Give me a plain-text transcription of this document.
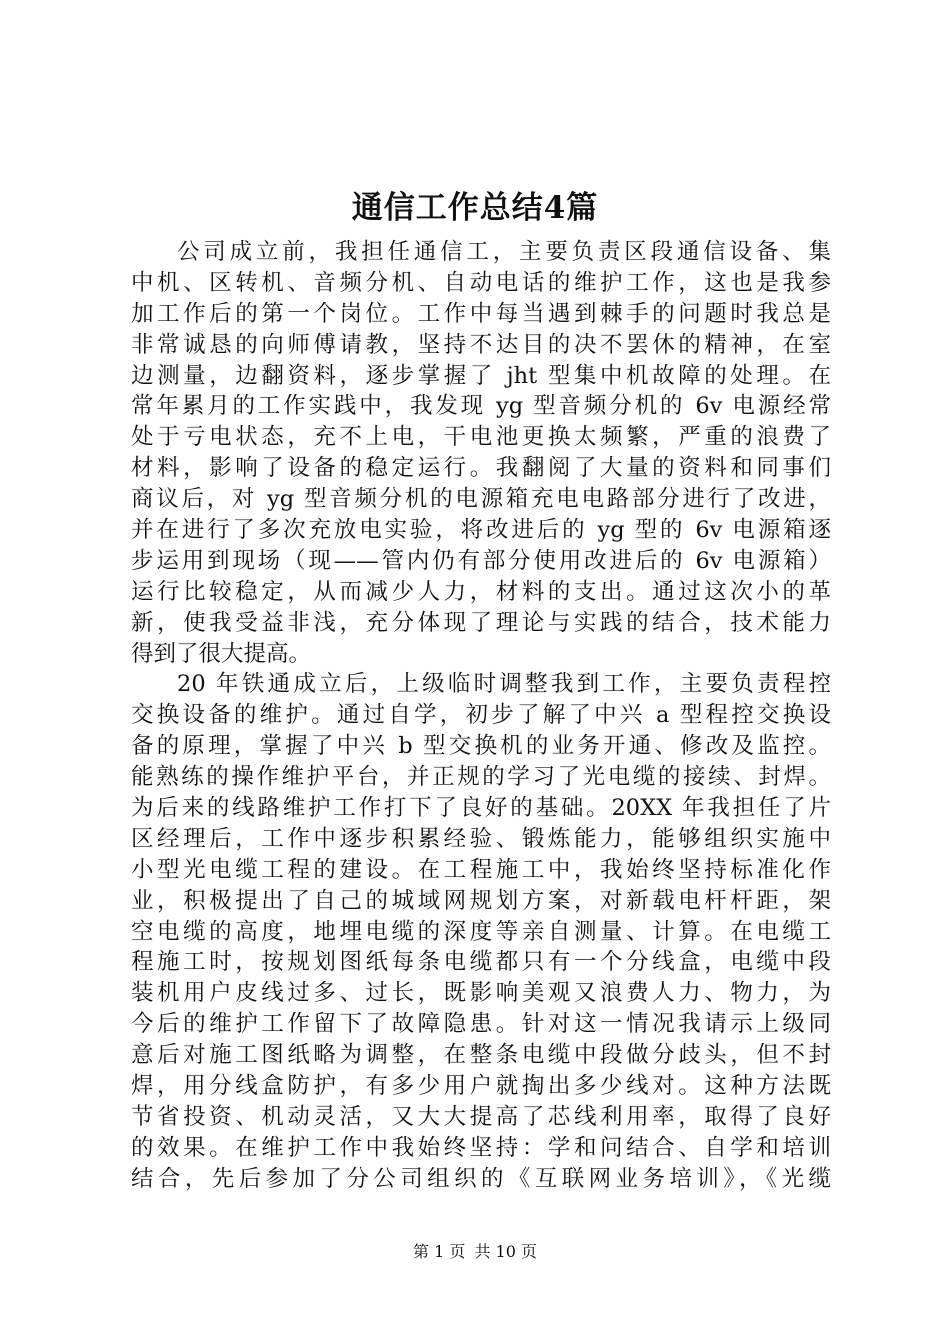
通信工作总结4篇
公司成立前，我担任通信工，主要负责区段通信设备、集
中机、区转机、音频分机、自动电话的维护工作，这也是我参
加工作后的第一个岗位。工作中每当遇到棘手的问题时我总是
非常诚恳的向师傅请教，坚持不达目的决不罢休的精神，在室
边测量，边翻资料，逐步掌握了 jht 型集中机故障的处理。在
常年累月的工作实践中，我发现 yg 型音频分机的 6v 电源经常
处于亏电状态，充不上电，干电池更换太频繁，严重的浪费了
材料，影响了设备的稳定运行。我翻阅了大量的资料和同事们
商议后，对 yg 型音频分机的电源箱充电电路部分进行了改进，
并在进行了多次充放电实验，将改进后的 yg 型的 6v 电源箱逐
步运用到现场（现——管内仍有部分使用改进后的 6v 电源箱）
运行比较稳定，从而减少人力，材料的支出。通过这次小的革
新，使我受益非浅，充分体现了理论与实践的结合，技术能力
得到了很大提高。
20 年铁通成立后，上级临时调整我到工作，主要负责程控
交换设备的维护。通过自学，初步了解了中兴 a 型程控交换设
备的原理，掌握了中兴 b 型交换机的业务开通、修改及监控。
能熟练的操作维护平台，并正规的学习了光电缆的接续、封焊。
为后来的线路维护工作打下了良好的基础。20XX 年我担任了片
区经理后，工作中逐步积累经验、锻炼能力，能够组织实施中
小型光电缆工程的建设。在工程施工中，我始终坚持标准化作
业，积极提出了自己的城域网规划方案，对新载电杆杆距，架
空电缆的高度，地埋电缆的深度等亲自测量、计算。在电缆工
程施工时，按规划图纸每条电缆都只有一个分线盒，电缆中段
装机用户皮线过多、过长，既影响美观又浪费人力、物力，为
今后的维护工作留下了故障隐患。针对这一情况我请示上级同
意后对施工图纸略为调整，在整条电缆中段做分歧头，但不封
焊，用分线盒防护，有多少用户就掏出多少线对。这种方法既
节省投资、机动灵活，又大大提高了芯线利用率，取得了良好
的效果。在维护工作中我始终坚持：学和问结合、自学和培训
结合，先后参加了分公司组织的《互联网业务培训》，《光缆
第 1 页 共 10 页
